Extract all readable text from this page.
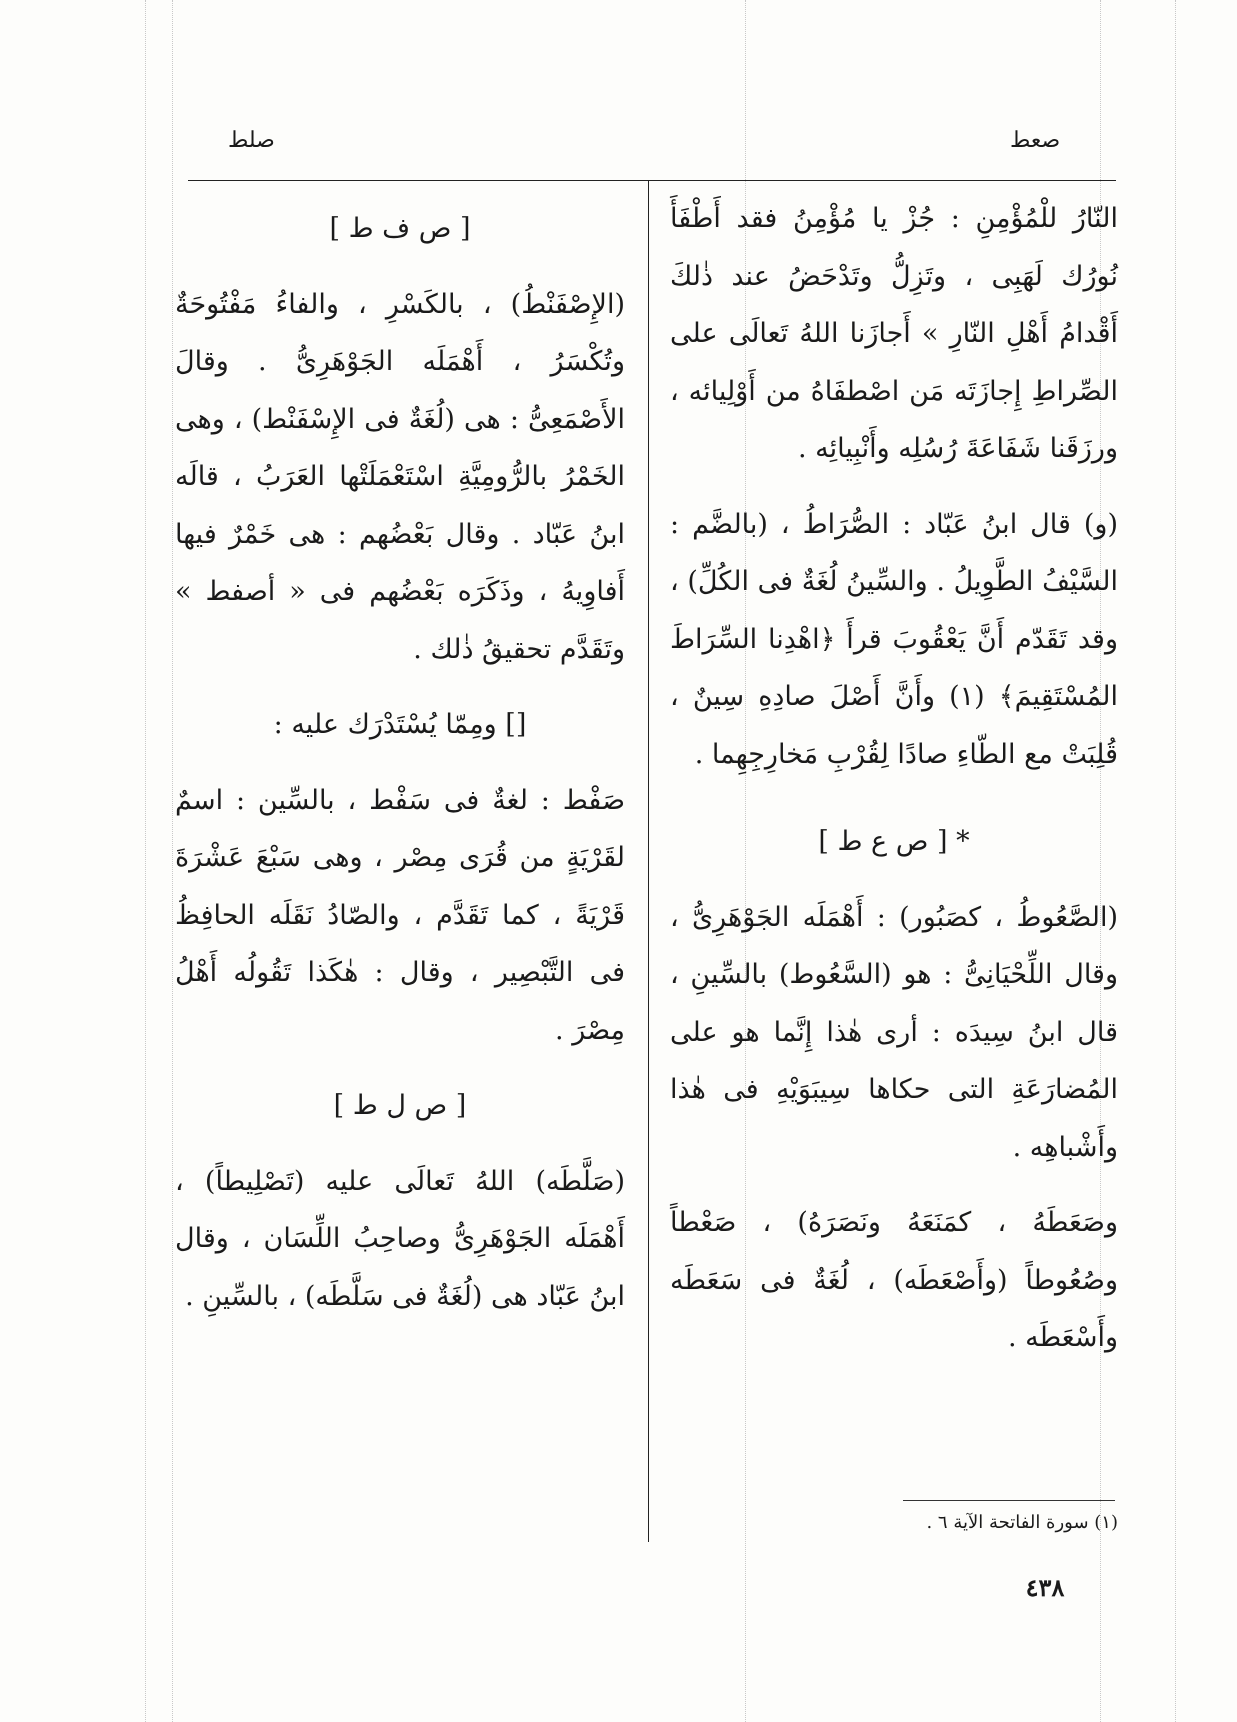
صلط	صعط

النّارُ للْمُؤْمِنِ : جُزْ يا مُؤْمِنُ فقد أَطْفَأَ نُورُك لَهَبِى ، وتَزِلُّ وتَدْحَضُ عند ذٰلكَ أَقْدامُ أَهْلِ النّارِ » أَجازَنا اللهُ تَعالَى على الصِّراطِ إِجازَتَه مَن اصْطفَاهُ من أَوْلِيائه ، ورزَقَنا شَفَاعَةَ رُسُلِه وأَنْبِيائِه .

(و) قال ابنُ عَبّاد : الصُّرَاطُ ، (بالضَّم : السَّيْفُ الطَّوِيلُ . والسِّينُ لُغَةٌ فى الكُلِّ) ، وقد تَقَدّم أَنَّ يَعْقُوبَ قرأَ ﴿اهْدِنا السِّرَاطَ المُسْتَقِيمَ﴾ (١) وأَنَّ أَصْلَ صادِهِ سِينٌ ، قُلِبَتْ مع الطّاءِ صادًا لِقُرْبِ مَخارِجِهِما .

* [ ص ع ط ]

(الصَّعُوطُ ، كصَبُور) : أَهْمَلَه الجَوْهَرِىُّ ، وقال اللِّحْيَانِىُّ : هو (السَّعُوط) بالسِّينِ ، قال ابنُ سِيدَه : أرى هٰذا إِنَّما هو على المُضارَعَةِ التى حكاها سِيبَوَيْهِ فى هٰذا وأَشْباهِه .

وصَعَطَهُ ، كمَنَعَهُ ونَصَرَهُ) ، صَعْطاً وصُعُوطاً (وأَصْعَطَه) ، لُغَةٌ فى سَعَطَه وأَسْعَطَه .

[ ص ف ط ]

(الإِصْفَنْطُ) ، بالكَسْرِ ، والفاءُ مَفْتُوحَةٌ وتُكْسَرُ ، أَهْمَلَه الجَوْهَرِىُّ . وقالَ الأَصْمَعِىُّ : هى (لُغَةٌ فى الإِسْفَنْط) ، وهى الخَمْرُ بالرُّومِيَّةِ اسْتَعْمَلَتْها العَرَبُ ، قالَه ابنُ عَبّاد . وقال بَعْضُهم : هى خَمْرٌ فيها أَفاوِيهُ ، وذَكَرَه بَعْضُهم فى « أصفط » وتَقَدَّم تحقيقُ ذٰلك .

[] ومِمّا يُسْتَدْرَك عليه :

صَفْط : لغةٌ فى سَفْط ، بالسِّين : اسمٌ لقَرْيَةٍ من قُرَى مِصْر ، وهى سَبْعَ عَشْرَةَ قَرْيَةً ، كما تَقَدَّم ، والصّادُ نَقَلَه الحافِظُ فى التَّبْصِير ، وقال : هٰكَذا تَقُولُه أَهْلُ مِصْرَ .

[ ص ل ط ]

(صَلَّطَه) اللهُ تَعالَى عليه (تَصْلِيطاً) ، أَهْمَلَه الجَوْهَرِىُّ وصاحِبُ اللِّسَان ، وقال ابنُ عَبّاد هى (لُغَةٌ فى سَلَّطَه) ، بالسِّينِ .

(١) سورة الفاتحة الآية ٦ .
٤٣٨
